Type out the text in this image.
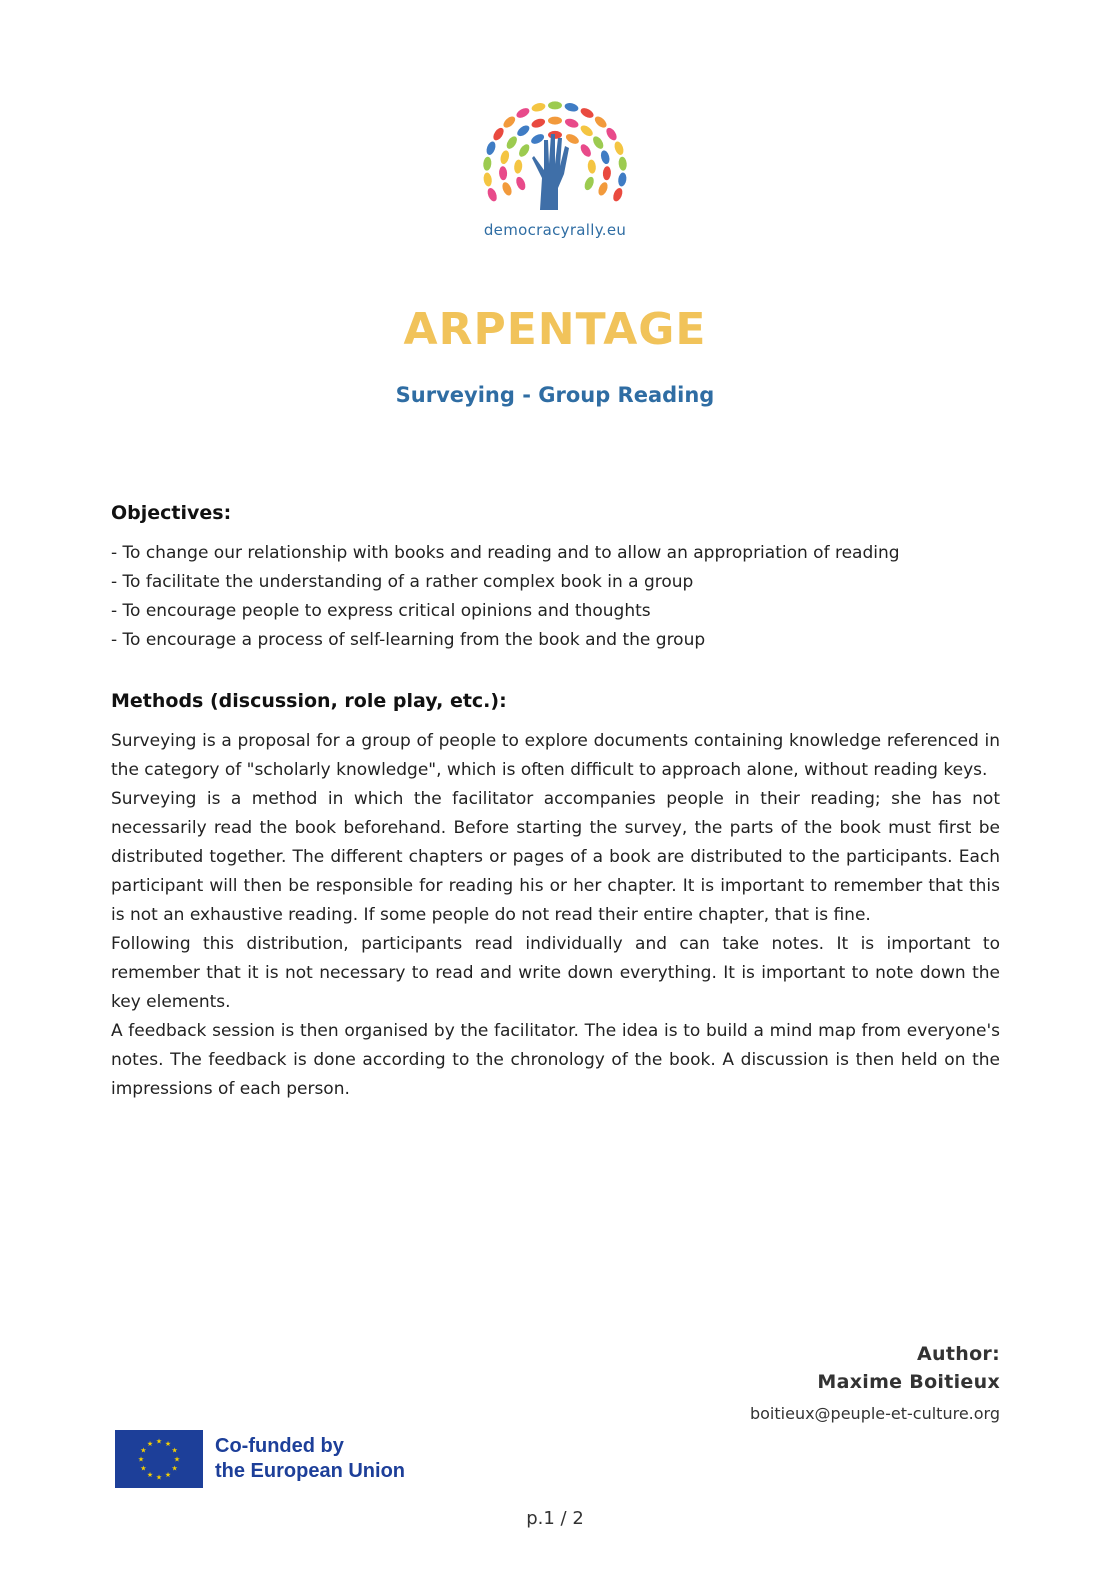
democracyrally.eu
ARPENTAGE
Surveying - Group Reading

Objectives:

- To change our relationship with books and reading and to allow an appropriation of reading

- To facilitate the understanding of a rather complex book in a group

- To encourage people to express critical opinions and thoughts

- To encourage a process of self-learning from the book and the group

Methods (discussion, role play, etc.):

Surveying is a proposal for a group of people to explore documents containing knowledge referenced in the category of "scholarly knowledge", which is often difficult to approach alone, without reading keys.

Surveying is a method in which the facilitator accompanies people in their reading; she has not necessarily read the book beforehand. Before starting the survey, the parts of the book must first be distributed together. The different chapters or pages of a book are distributed to the participants. Each participant will then be responsible for reading his or her chapter. It is important to remember that this is not an exhaustive reading. If some people do not read their entire chapter, that is fine.

Following this distribution, participants read individually and can take notes. It is important to remember that it is not necessary to read and write down everything. It is important to note down the key elements.

A feedback session is then organised by the facilitator. The idea is to build a mind map from everyone's notes. The feedback is done according to the chronology of the book. A discussion is then held on the impressions of each person.

Author:
Maxime Boitieux
boitieux@peuple-et-culture.org
★
★
★
★
★
★
★
★
★ ★ ★
★ Co-funded by
the European Union
p.1 / 2
